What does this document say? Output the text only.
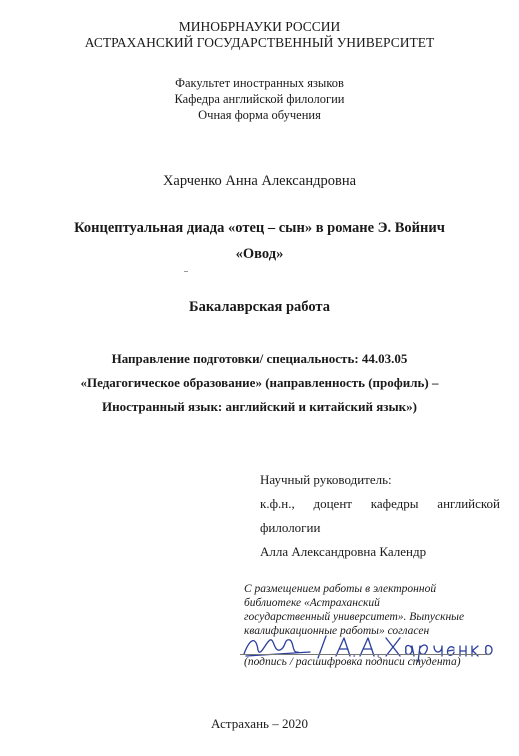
МИНОБРНАУКИ РОССИИ
АСТРАХАНСКИЙ ГОСУДАРСТВЕННЫЙ УНИВЕРСИТЕТ
Факультет иностранных языков
Кафедра английской филологии
Очная форма обучения
Харченко Анна Александровна
Концептуальная диада «отец – сын» в романе Э. Войнич
«Овод»
Бакалаврская работа
Направление подготовки/ специальность: 44.03.05
«Педагогическое образование» (направленность (профиль) –
Иностранный язык: английский и китайский язык»)
Научный руководитель:
к.ф.н., доцент кафедры английской
филологии
Алла Александровна Календр
С размещением работы в электронной
библиотеке «Астраханский
государственный университет». Выпускные
квалификационные работы» согласен
(подпись / расшифровка подписи студента)
Астрахань – 2020
